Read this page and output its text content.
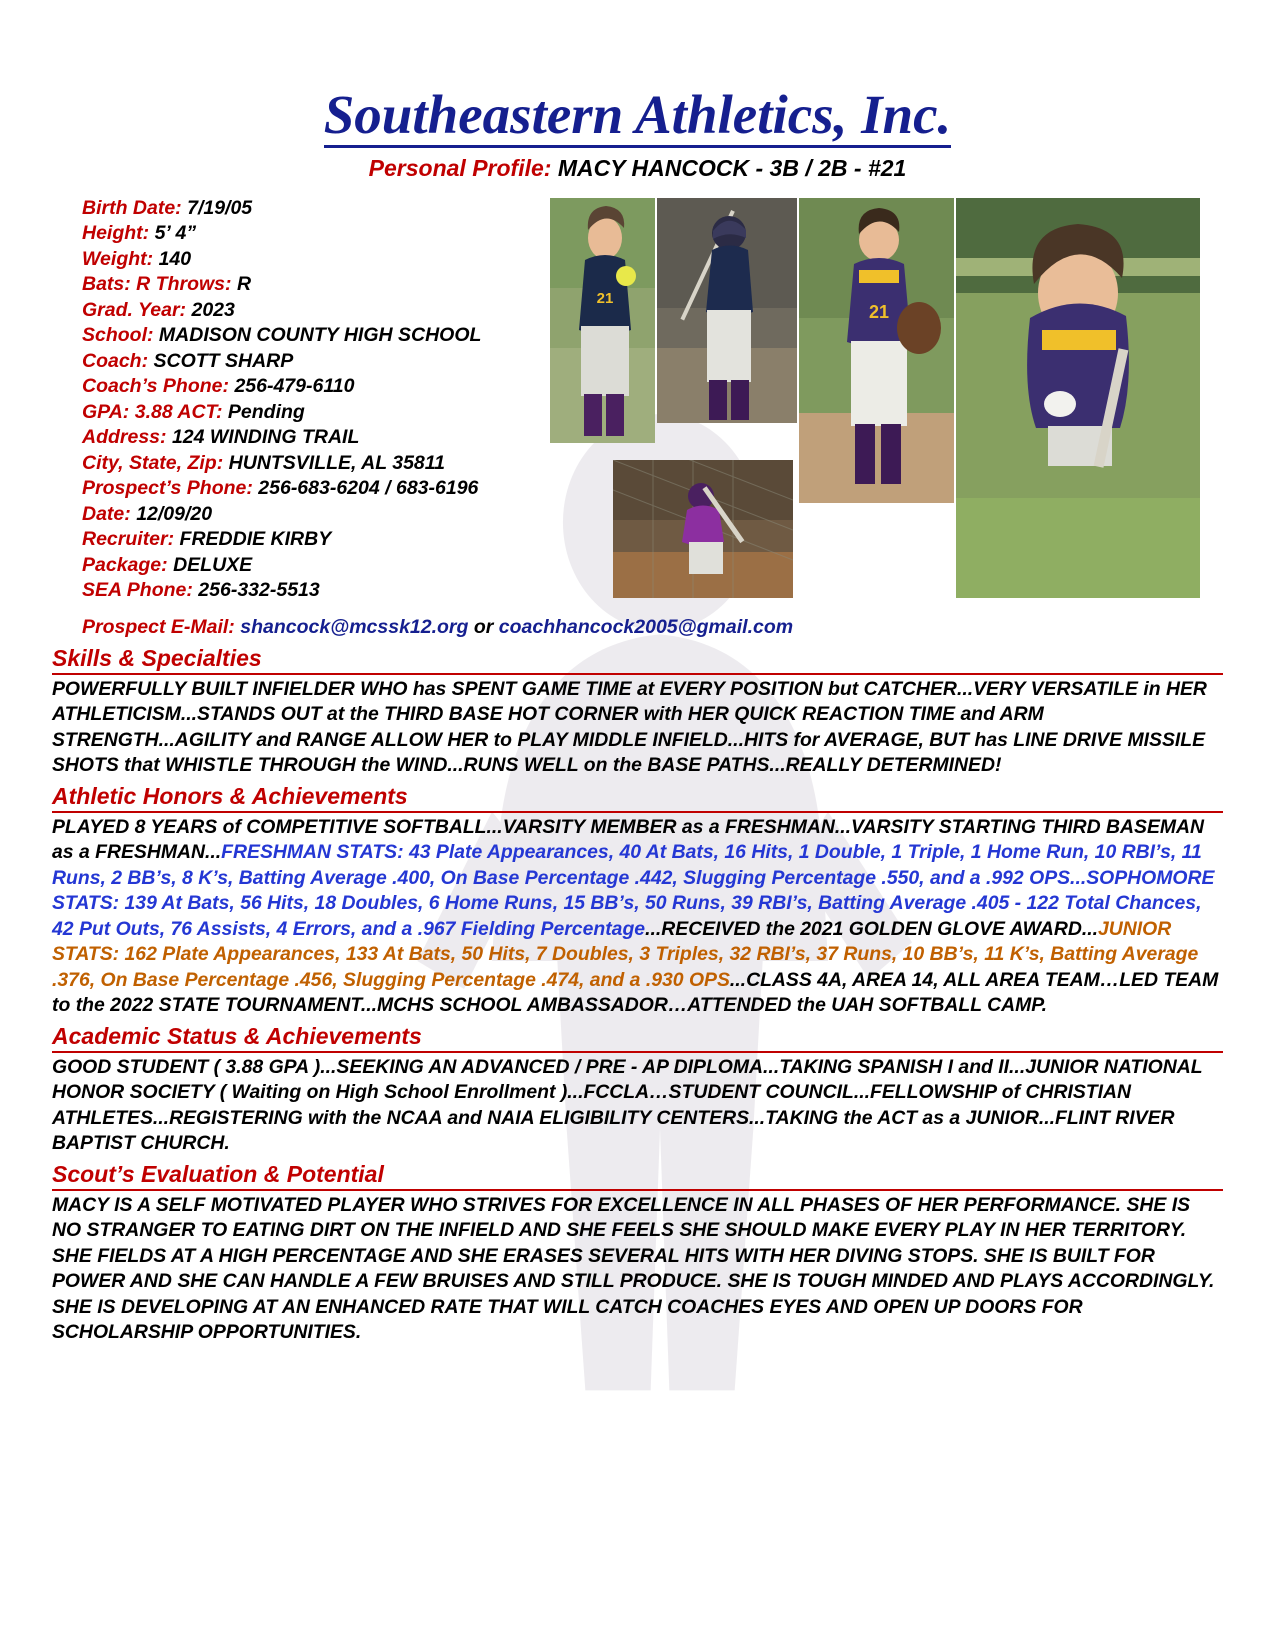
Southeastern Athletics, Inc.
Personal Profile: MACY HANCOCK - 3B / 2B - #21
Birth Date: 7/19/05
Height: 5’ 4”
Weight: 140
Bats: R Throws: R
Grad. Year: 2023
School: MADISON COUNTY HIGH SCHOOL
Coach: SCOTT SHARP
Coach’s Phone: 256-479-6110
GPA: 3.88 ACT: Pending
Address: 124 WINDING TRAIL
City, State, Zip: HUNTSVILLE, AL 35811
Prospect’s Phone: 256-683-6204 / 683-6196
Date: 12/09/20
Recruiter: FREDDIE KIRBY
Package: DELUXE
SEA Phone: 256-332-5513
21
21
Prospect E-Mail: shancock@mcssk12.org or coachhancock2005@gmail.com
Skills & Specialties
POWERFULLY BUILT INFIELDER WHO has SPENT GAME TIME at EVERY POSITION but CATCHER...VERY VERSATILE in HER ATHLETICISM...STANDS OUT at the THIRD BASE HOT CORNER with HER QUICK REACTION TIME and ARM STRENGTH...AGILITY and RANGE ALLOW HER to PLAY MIDDLE INFIELD...HITS for AVERAGE, BUT has LINE DRIVE MISSILE SHOTS that WHISTLE THROUGH the WIND...RUNS WELL on the BASE PATHS...REALLY DETERMINED!
Athletic Honors & Achievements
PLAYED 8 YEARS of COMPETITIVE SOFTBALL...VARSITY MEMBER as a FRESHMAN...VARSITY STARTING THIRD BASEMAN as a FRESHMAN...FRESHMAN STATS: 43 Plate Appearances, 40 At Bats, 16 Hits, 1 Double, 1 Triple, 1 Home Run, 10 RBI’s, 11 Runs, 2 BB’s, 8 K’s, Batting Average .400, On Base Percentage .442, Slugging Percentage .550, and a .992 OPS...SOPHOMORE STATS: 139 At Bats, 56 Hits, 18 Doubles, 6 Home Runs, 15 BB’s, 50 Runs, 39 RBI’s, Batting Average .405 - 122 Total Chances, 42 Put Outs, 76 Assists, 4 Errors, and a .967 Fielding Percentage...RECEIVED the 2021 GOLDEN GLOVE AWARD...JUNIOR STATS: 162 Plate Appearances, 133 At Bats, 50 Hits, 7 Doubles, 3 Triples, 32 RBI’s, 37 Runs, 10 BB’s, 11 K’s, Batting Average .376, On Base Percentage .456, Slugging Percentage .474, and a .930 OPS...CLASS 4A, AREA 14, ALL AREA TEAM…LED TEAM to the 2022 STATE TOURNAMENT...MCHS SCHOOL AMBASSADOR…ATTENDED the UAH SOFTBALL CAMP.
Academic Status & Achievements
GOOD STUDENT ( 3.88 GPA )...SEEKING AN ADVANCED / PRE - AP DIPLOMA...TAKING SPANISH I and II...JUNIOR NATIONAL HONOR SOCIETY ( Waiting on High School Enrollment )...FCCLA…STUDENT COUNCIL...FELLOWSHIP of CHRISTIAN ATHLETES...REGISTERING with the NCAA and NAIA ELIGIBILITY CENTERS...TAKING the ACT as a JUNIOR...FLINT RIVER BAPTIST CHURCH.
Scout’s Evaluation & Potential
MACY IS A SELF MOTIVATED PLAYER WHO STRIVES FOR EXCELLENCE IN ALL PHASES OF HER PERFORMANCE. SHE IS NO STRANGER TO EATING DIRT ON THE INFIELD AND SHE FEELS SHE SHOULD MAKE EVERY PLAY IN HER TERRITORY. SHE FIELDS AT A HIGH PERCENTAGE AND SHE ERASES SEVERAL HITS WITH HER DIVING STOPS. SHE IS BUILT FOR POWER AND SHE CAN HANDLE A FEW BRUISES AND STILL PRODUCE. SHE IS TOUGH MINDED AND PLAYS ACCORDINGLY. SHE IS DEVELOPING AT AN ENHANCED RATE THAT WILL CATCH COACHES EYES AND OPEN UP DOORS FOR SCHOLARSHIP OPPORTUNITIES.
